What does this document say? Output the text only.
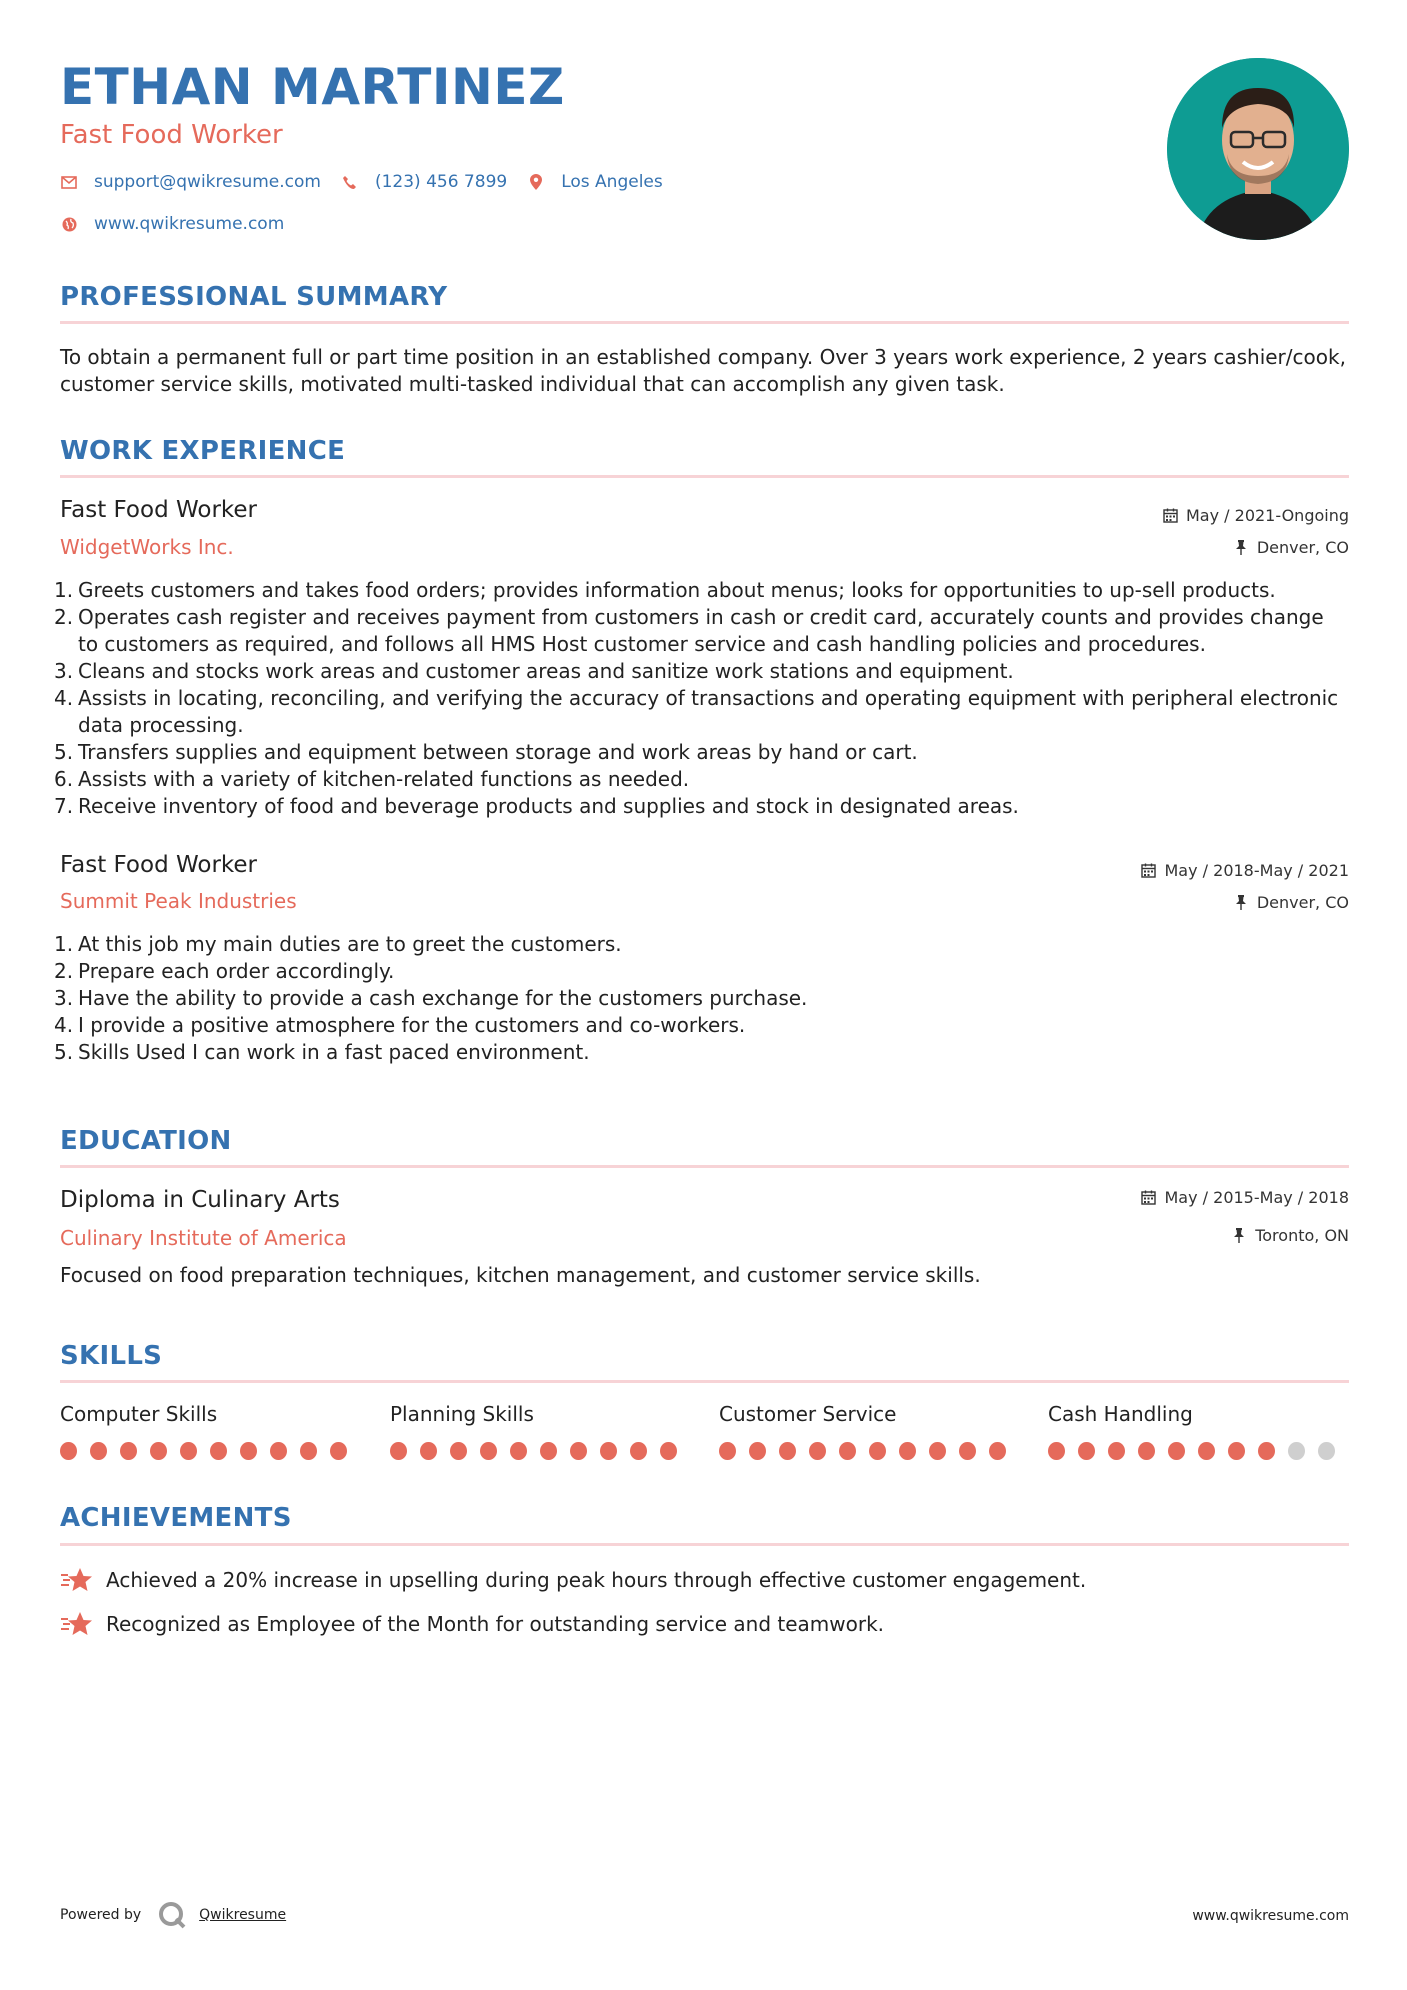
ETHAN MARTINEZ
Fast Food Worker
support@qwikresume.com	(123) 456 7899	Los Angeles
www.qwikresume.com
PROFESSIONAL SUMMARY
To obtain a permanent full or part time position in an established company. Over 3 years work experience, 2 years cashier/cook, customer service skills, motivated multi-tasked individual that can accomplish any given task.
WORK EXPERIENCE
Fast Food Worker
WidgetWorks Inc.
May / 2021-Ongoing
Denver, CO
Greets customers and takes food orders; provides information about menus; looks for opportunities to up-sell products.
Operates cash register and receives payment from customers in cash or credit card, accurately counts and provides change to customers as required, and follows all HMS Host customer service and cash handling policies and procedures.
Cleans and stocks work areas and customer areas and sanitize work stations and equipment.
Assists in locating, reconciling, and verifying the accuracy of transactions and operating equipment with peripheral electronic data processing.
Transfers supplies and equipment between storage and work areas by hand or cart.
Assists with a variety of kitchen-related functions as needed.
Receive inventory of food and beverage products and supplies and stock in designated areas.
Fast Food Worker
Summit Peak Industries
May / 2018-May / 2021
Denver, CO
At this job my main duties are to greet the customers.
Prepare each order accordingly.
Have the ability to provide a cash exchange for the customers purchase.
I provide a positive atmosphere for the customers and co-workers.
Skills Used I can work in a fast paced environment.
EDUCATION
Diploma in Culinary Arts
Culinary Institute of America
May / 2015-May / 2018
Toronto, ON
Focused on food preparation techniques, kitchen management, and customer service skills.
SKILLS
Computer Skills	Planning Skills	Customer Service	Cash Handling
ACHIEVEMENTS
Achieved a 20% increase in upselling during peak hours through effective customer engagement.
Recognized as Employee of the Month for outstanding service and teamwork.
Powered by	Qwikresume	www.qwikresume.com
